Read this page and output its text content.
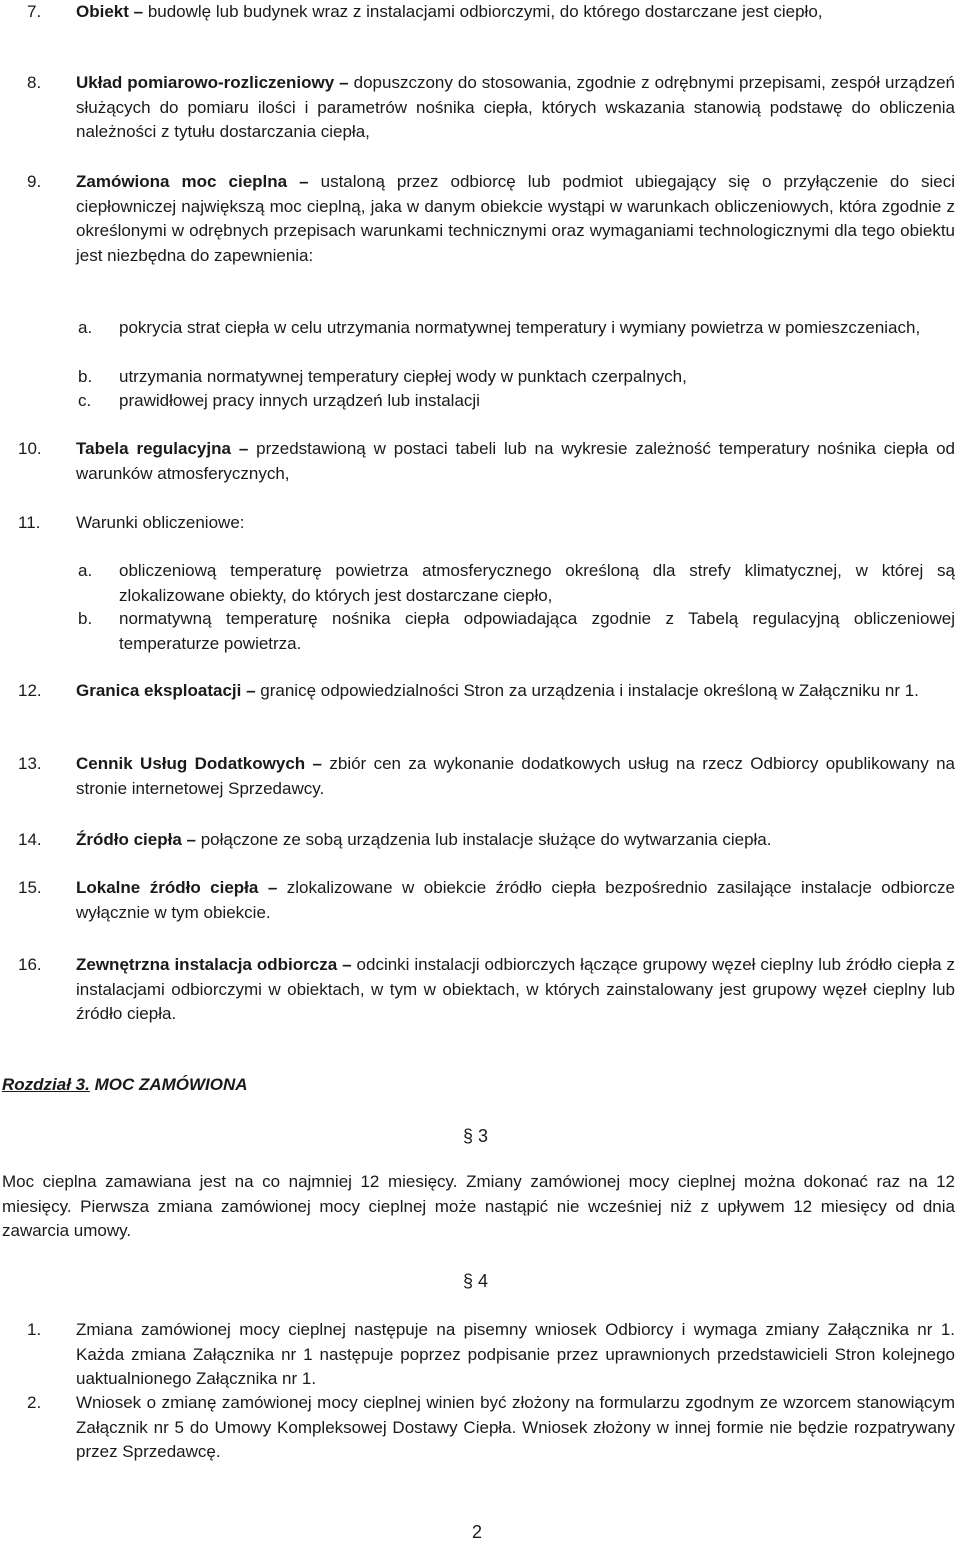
7. Obiekt – budowlę lub budynek wraz z instalacjami odbiorczymi, do którego dostarczane jest ciepło,
8. Układ pomiarowo-rozliczeniowy – dopuszczony do stosowania, zgodnie z odrębnymi przepisami, zespół urządzeń służących do pomiaru ilości i parametrów nośnika ciepła, których wskazania stanowią podstawę do obliczenia należności z tytułu dostarczania ciepła,
9. Zamówiona moc cieplna – ustaloną przez odbiorcę lub podmiot ubiegający się o przyłączenie do sieci ciepłowniczej największą moc cieplną, jaka w danym obiekcie wystąpi w warunkach obliczeniowych, która zgodnie z określonymi w odrębnych przepisach warunkami technicznymi oraz wymaganiami technologicznymi dla tego obiektu jest niezbędna do zapewnienia:
a. pokrycia strat ciepła w celu utrzymania normatywnej temperatury i wymiany powietrza w pomieszczeniach,
b. utrzymania normatywnej temperatury ciepłej wody w punktach czerpalnych,
c. prawidłowej pracy innych urządzeń lub instalacji
10. Tabela regulacyjna – przedstawioną w postaci tabeli lub na wykresie zależność temperatury nośnika ciepła od warunków atmosferycznych,
11. Warunki obliczeniowe:
a. obliczeniową temperaturę powietrza atmosferycznego określoną dla strefy klimatycznej, w której są zlokalizowane obiekty, do których jest dostarczane ciepło,
b. normatywną temperaturę nośnika ciepła odpowiadająca zgodnie z Tabelą regulacyjną obliczeniowej temperaturze powietrza.
12. Granica eksploatacji – granicę odpowiedzialności Stron za urządzenia i instalacje określoną w Załączniku nr 1.
13. Cennik Usług Dodatkowych – zbiór cen za wykonanie dodatkowych usług na rzecz Odbiorcy opublikowany na stronie internetowej Sprzedawcy.
14. Źródło ciepła – połączone ze sobą urządzenia lub instalacje służące do wytwarzania ciepła.
15. Lokalne źródło ciepła – zlokalizowane w obiekcie źródło ciepła bezpośrednio zasilające instalacje odbiorcze wyłącznie w tym obiekcie.
16. Zewnętrzna instalacja odbiorcza – odcinki instalacji odbiorczych łączące grupowy węzeł cieplny lub źródło ciepła z instalacjami odbiorczymi w obiektach, w tym w obiektach, w których zainstalowany jest grupowy węzeł cieplny lub źródło ciepła.
Rozdział 3. MOC ZAMÓWIONA
§ 3
Moc cieplna zamawiana jest na co najmniej 12 miesięcy. Zmiany zamówionej mocy cieplnej można dokonać raz na 12 miesięcy. Pierwsza zmiana zamówionej mocy cieplnej może nastąpić nie wcześniej niż z upływem 12 miesięcy od dnia zawarcia umowy.
§ 4
1. Zmiana zamówionej mocy cieplnej następuje na pisemny wniosek Odbiorcy i wymaga zmiany Załącznika nr 1. Każda zmiana Załącznika nr 1 następuje poprzez podpisanie przez uprawnionych przedstawicieli Stron kolejnego uaktualnionego Załącznika nr 1.
2. Wniosek o zmianę zamówionej mocy cieplnej winien być złożony na formularzu zgodnym ze wzorcem stanowiącym Załącznik nr 5 do Umowy Kompleksowej Dostawy Ciepła. Wniosek złożony w innej formie nie będzie rozpatrywany przez Sprzedawcę.
2
